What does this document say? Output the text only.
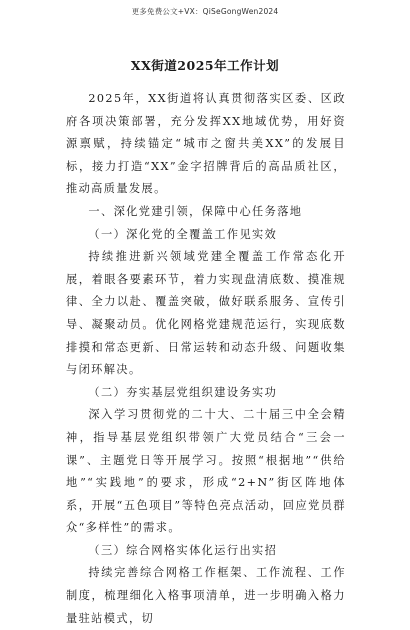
更多免费公文+VX：QiSeGongWen2024
XX街道2025年工作计划

2025年，XX街道将认真贯彻落实区委、区政府各项决策部署，充分发挥XX地域优势，用好资源禀赋，持续锚定“城市之窗共美XX”的发展目标，接力打造“XX”金字招牌背后的高品质社区，推动高质量发展。

一、深化党建引领，保障中心任务落地

（一）深化党的全覆盖工作见实效

持续推进新兴领域党建全覆盖工作常态化开展，着眼各要素环节，着力实现盘清底数、摸准规律、全力以赴、覆盖突破，做好联系服务、宣传引导、凝聚动员。优化网格党建规范运行，实现底数排摸和常态更新、日常运转和动态升级、问题收集与闭环解决。

（二）夯实基层党组织建设务实功

深入学习贯彻党的二十大、二十届三中全会精神，指导基层党组织带领广大党员结合“三会一课”、主题党日等开展学习。按照“根据地”“供给地”“实践地”的要求，形成“2+N”街区阵地体系，开展“五色项目”等特色亮点活动，回应党员群众“多样性”的需求。

（三）综合网格实体化运行出实招

持续完善综合网格工作框架、工作流程、工作制度，梳理细化入格事项清单，进一步明确入格力量驻站模式，切
